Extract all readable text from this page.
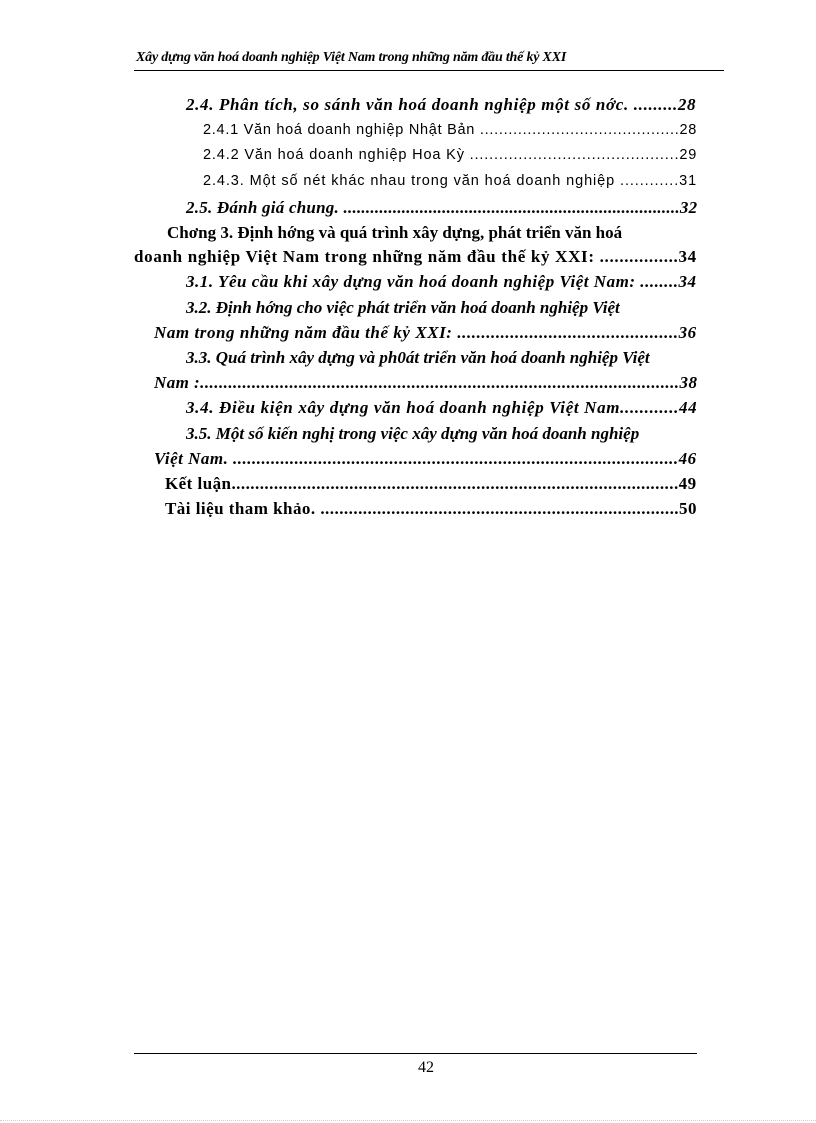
Xây dựng văn hoá doanh nghiệp Việt Nam trong những năm đầu thế kỷ XXI
2.4. Phân tích, so sánh văn hoá doanh nghiệp một số nớc. .........28
2.4.1 Văn hoá doanh nghiệp Nhật Bản ..........................................28
2.4.2 Văn hoá doanh nghiệp Hoa Kỳ ...........................................29
2.4.3. Một số nét khác nhau trong văn hoá doanh nghiệp ............31
2.5. Đánh giá chung. ...........................................................................32
Chơng 3. Định hớng và quá trình xây dựng, phát triển văn hoá
doanh nghiệp Việt Nam trong những năm đầu thế kỷ XXI: ................34
3.1. Yêu cầu khi xây dựng văn hoá doanh nghiệp Việt Nam: ........34
3.2. Định hớng cho việc phát triển văn hoá doanh nghiệp Việt
Nam trong những năm đầu thế kỷ XXI: ..............................................36
3.3. Quá trình xây dựng và ph0át triển văn hoá doanh nghiệp Việt
Nam :......................................................................................................38
3.4. Điều kiện xây dựng văn hoá doanh nghiệp Việt Nam............44
3.5. Một số kiến nghị trong việc xây dựng văn hoá doanh nghiệp
Việt Nam. ..............................................................................................46
Kết luận...............................................................................................49
Tài liệu tham khảo. ............................................................................50
42
